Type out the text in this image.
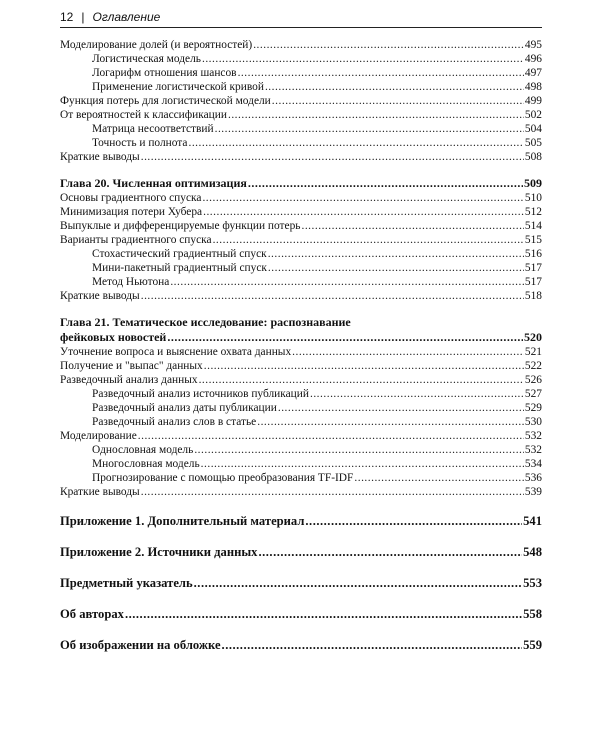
12 | Оглавление
Моделирование долей (и вероятностей) .....	495
Логистическая модель .....	496
Логарифм отношения шансов .....	497
Применение логистической кривой .....	498
Функция потерь для логистической модели .....	499
От вероятностей к классификации .....	502
Матрица несоответствий .....	504
Точность и полнота .....	505
Краткие выводы .....	508
Глава 20. Численная оптимизация .....	509
Основы градиентного спуска .....	510
Минимизация потери Хубера .....	512
Выпуклые и дифференцируемые функции потерь .....	514
Варианты градиентного спуска .....	515
Стохастический градиентный спуск .....	516
Мини-пакетный градиентный спуск .....	517
Метод Ньютона .....	517
Краткие выводы .....	518
Глава 21. Тематическое исследование: распознавание
фейковых новостей .....	520
Уточнение вопроса и выяснение охвата данных .....	521
Получение и "выпас" данных .....	522
Разведочный анализ данных .....	526
Разведочный анализ источников публикаций .....	527
Разведочный анализ даты публикации .....	529
Разведочный анализ слов в статье .....	530
Моделирование .....	532
Однословная модель .....	532
Многословная модель .....	534
Прогнозирование с помощью преобразования TF-IDF .....	536
Краткие выводы .....	539
Приложение 1. Дополнительный материал .....	541
Приложение 2. Источники данных .....	548
Предметный указатель .....	553
Об авторах .....	558
Об изображении на обложке .....	559
